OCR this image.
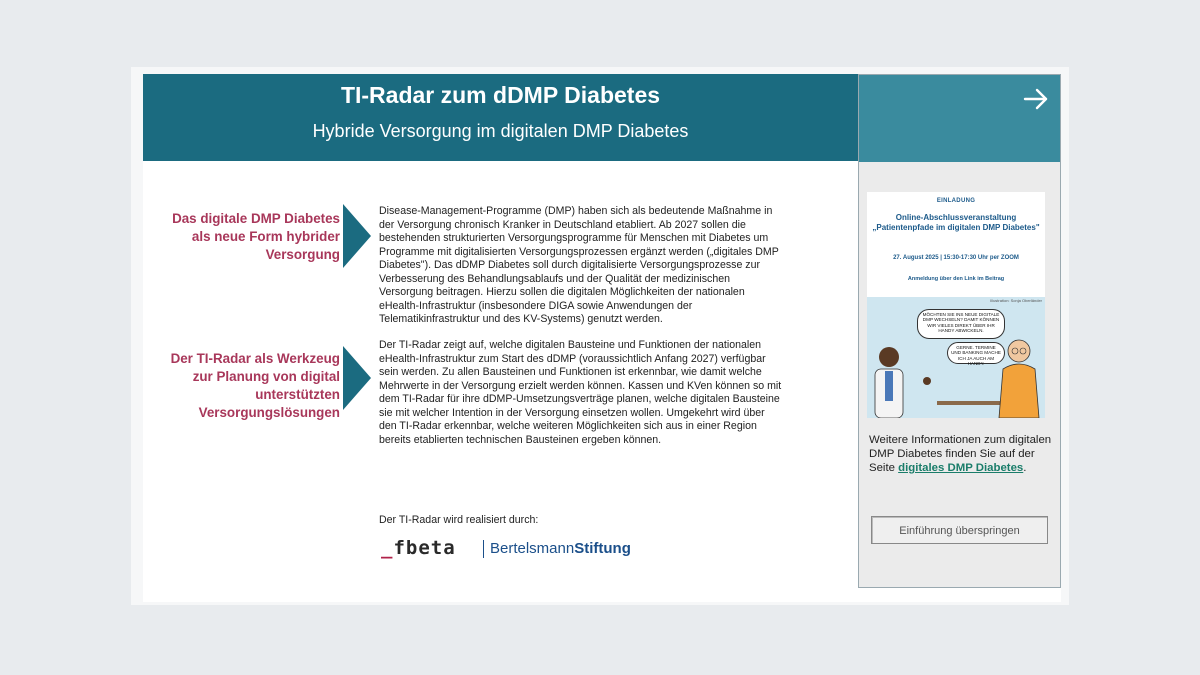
TI-Radar zum dDMP Diabetes
Hybride Versorgung im digitalen DMP Diabetes
Das digitale DMP Diabetes als neue Form hybrider Versorgung
Disease-Management-Programme (DMP) haben sich als bedeutende Maßnahme in der Versorgung chronisch Kranker in Deutschland etabliert. Ab 2027 sollen die bestehenden strukturierten Versorgungsprogramme für Menschen mit Diabetes um Programme mit digitalisierten Versorgungsprozessen ergänzt werden („digitales DMP Diabetes"). Das dDMP Diabetes soll durch digitalisierte Versorgungsprozesse zur Verbesserung des Behandlungsablaufs und der Qualität der medizinischen Versorgung beitragen. Hierzu sollen die digitalen Möglichkeiten der nationalen eHealth-Infrastruktur (insbesondere DIGA sowie Anwendungen der Telematikinfrastruktur und des KV-Systems) genutzt werden.
Der TI-Radar als Werkzeug zur Planung von digital unterstützten Versorgungslösungen
Der TI-Radar zeigt auf, welche digitalen Bausteine und Funktionen der nationalen eHealth-Infrastruktur zum Start des dDMP (voraussichtlich Anfang 2027) verfügbar sein werden. Zu allen Bausteinen und Funktionen ist erkennbar, wie damit welche Mehrwerte in der Versorgung erzielt werden können. Kassen und KVen können so mit dem TI-Radar für ihre dDMP-Umsetzungsverträge planen, welche digitalen Bausteine sie mit welcher Intention in der Versorgung einsetzen wollen. Umgekehrt wird über den TI-Radar erkennbar, welche weiteren Möglichkeiten sich aus in einer Region bereits etablierten technischen Bausteinen ergeben können.
Der TI-Radar wird realisiert durch:
_fbeta	BertelsmannStiftung
EINLADUNG
Online-Abschlussveranstaltung „Patientenpfade im digitalen DMP Diabetes"
27. August 2025 | 15:30-17:30 Uhr per ZOOM
Anmeldung über den Link im Beitrag
Illustration: Sonja Oberländer
MÖCHTEN SIE INS NEUE DIGITALE DMP WECHSELN? DAMIT KÖNNEN WIR VIELES DIREKT ÜBER IHR HANDY ABWICKELN.
GERNE. TERMINE UND BANKING MACHE ICH JA AUCH AM HANDY.
Weitere Informationen zum digitalen DMP Diabetes finden Sie auf der Seite digitales DMP Diabetes.
Einführung überspringen
